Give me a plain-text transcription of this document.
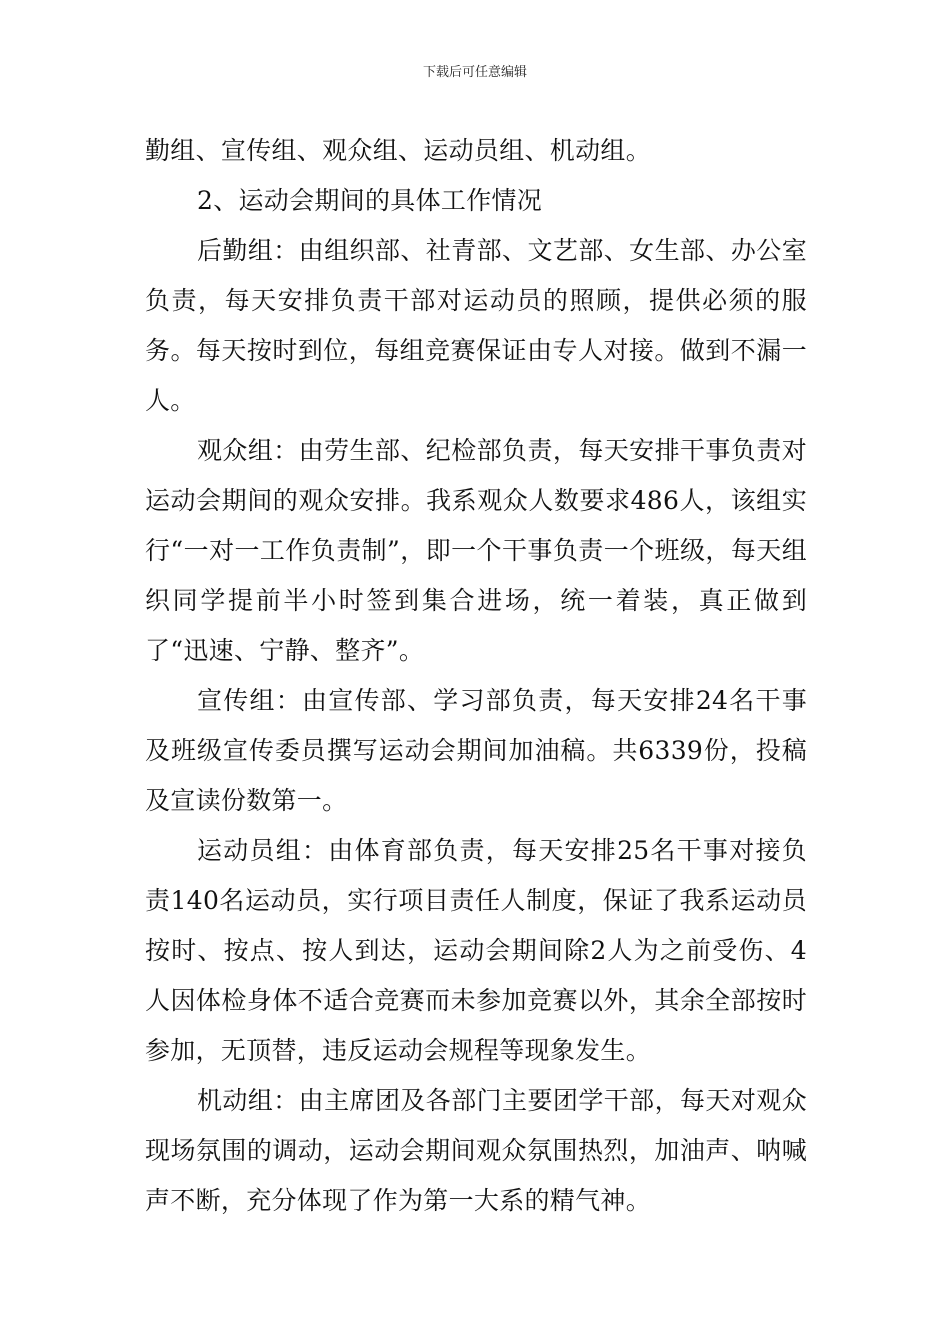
下载后可任意编辑

勤组、宣传组、观众组、运动员组、机动组。

2、运动会期间的具体工作情况

后勤组：由组织部、社青部、文艺部、女生部、办公室负责，每天安排负责干部对运动员的照顾，提供必须的服务。每天按时到位，每组竞赛保证由专人对接。做到不漏一人。

观众组：由劳生部、纪检部负责，每天安排干事负责对运动会期间的观众安排。我系观众人数要求486人，该组实行“一对一工作负责制”，即一个干事负责一个班级，每天组织同学提前半小时签到集合进场，统一着装，真正做到了“迅速、宁静、整齐”。

宣传组：由宣传部、学习部负责，每天安排24名干事及班级宣传委员撰写运动会期间加油稿。共6339份，投稿及宣读份数第一。

运动员组：由体育部负责，每天安排25名干事对接负责140名运动员，实行项目责任人制度，保证了我系运动员按时、按点、按人到达，运动会期间除2人为之前受伤、4人因体检身体不适合竞赛而未参加竞赛以外，其余全部按时参加，无顶替，违反运动会规程等现象发生。

机动组：由主席团及各部门主要团学干部，每天对观众现场氛围的调动，运动会期间观众氛围热烈，加油声、呐喊声不断，充分体现了作为第一大系的精气神。
